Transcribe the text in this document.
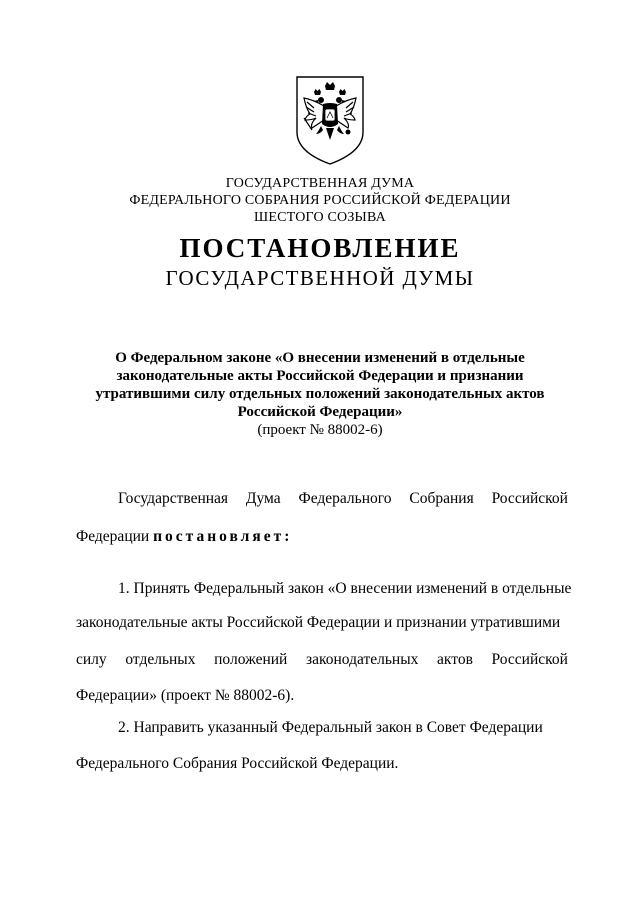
ГОСУДАРСТВЕННАЯ ДУМА
ФЕДЕРАЛЬНОГО СОБРАНИЯ РОССИЙСКОЙ ФЕДЕРАЦИИ
ШЕСТОГО СОЗЫВА
ПОСТАНОВЛЕНИЕ
ГОСУДАРСТВЕННОЙ ДУМЫ
О Федеральном законе «О внесении изменений в отдельные
законодательные акты Российской Федерации и признании
утратившими силу отдельных положений законодательных актов
Российской Федерации»
(проект № 88002-6)
Государственная Дума Федерального Собрания Российской
Федерации постановляет:
1. Принять Федеральный закон «О внесении изменений в отдельные
законодательные акты Российской Федерации и признании утратившими
силу отдельных положений законодательных актов Российской
Федерации» (проект № 88002-6).
2. Направить указанный Федеральный закон в Совет Федерации
Федерального Собрания Российской Федерации.
